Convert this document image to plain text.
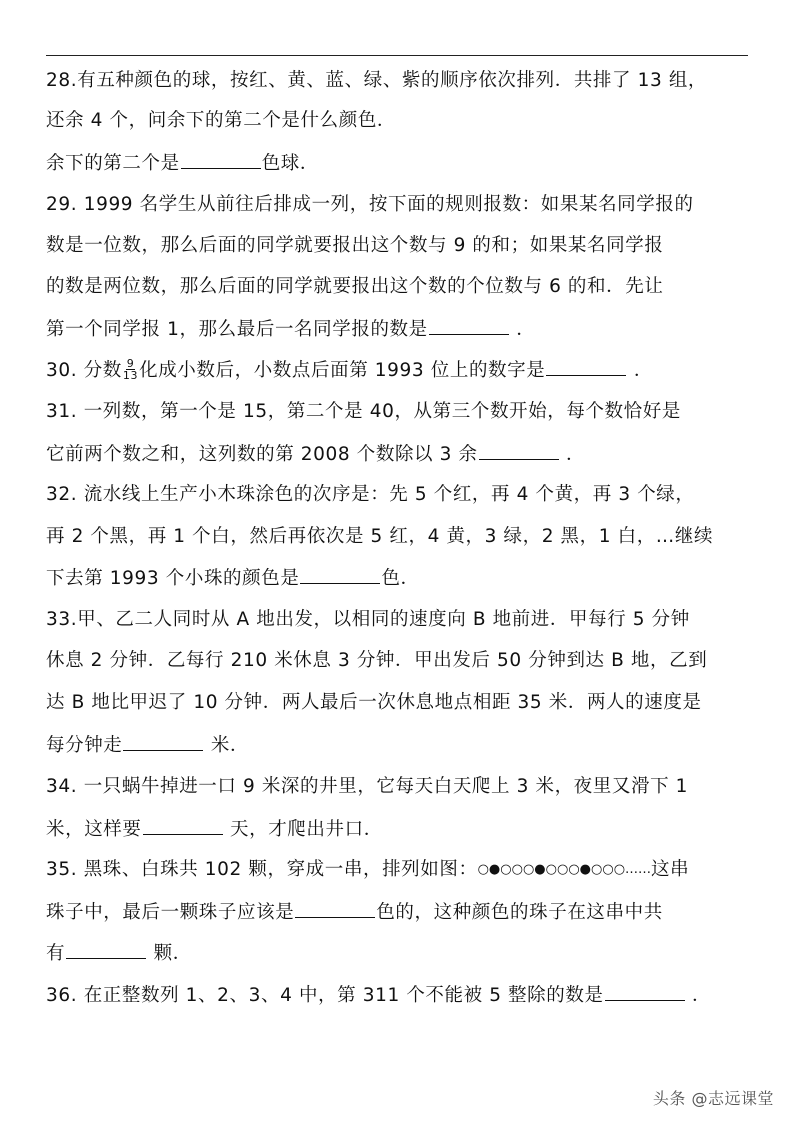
28.有五种颜色的球，按红、黄、蓝、绿、紫的顺序依次排列．共排了 13 组，
还余 4 个，问余下的第二个是什么颜色．
余下的第二个是	色球．
29. 1999 名学生从前往后排成一列，按下面的规则报数：如果某名同学报的
数是一位数，那么后面的同学就要报出这个数与 9 的和；如果某名同学报
的数是两位数，那么后面的同学就要报出这个数的个位数与 6 的和．先让
第一个同学报 1，那么最后一名同学报的数是	．
30. 分数 $\frac{9}{13}$ 化成小数后，小数点后面第 1993 位上的数字是	．
31. 一列数，第一个是 15，第二个是 40，从第三个数开始，每个数恰好是
它前两个数之和，这列数的第 2008 个数除以 3 余	．
32. 流水线上生产小木珠涂色的次序是：先 5 个红，再 4 个黄，再 3 个绿，
再 2 个黑，再 1 个白，然后再依次是 5 红，4 黄，3 绿，2 黑，1 白，…继续
下去第 1993 个小珠的颜色是	色．
33.甲、乙二人同时从 A 地出发，以相同的速度向 B 地前进．甲每行 5 分钟
休息 2 分钟．乙每行 210 米休息 3 分钟．甲出发后 50 分钟到达 B 地，乙到
达 B 地比甲迟了 10 分钟．两人最后一次休息地点相距 35 米．两人的速度是
每分钟走	米．
34. 一只蜗牛掉进一口 9 米深的井里，它每天白天爬上 3 米，夜里又滑下 1
米，这样要	天，才爬出井口．
35. 黑珠、白珠共 102 颗，穿成一串，排列如图：○●○○○●○○○●○○○……这串
珠子中，最后一颗珠子应该是	色的，这种颜色的珠子在这串中共
有	颗．
36. 在正整数列 1、2、3、4 中，第 311 个不能被 5 整除的数是	．
头条 @志远课堂
